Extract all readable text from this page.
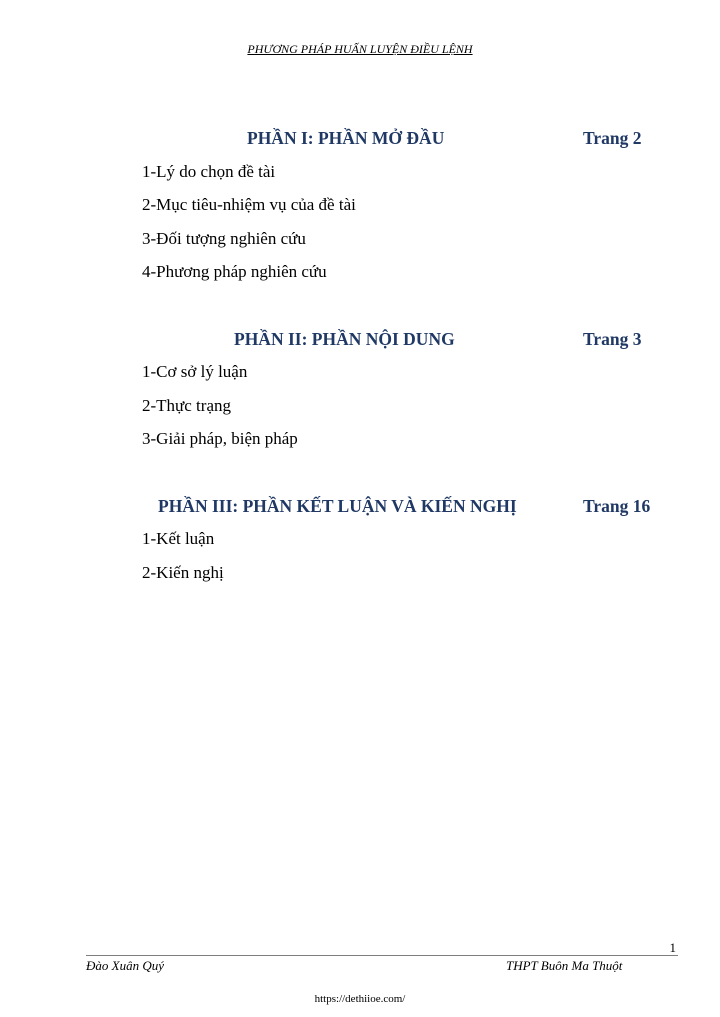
PHƯƠNG PHÁP HUẤN LUYỆN ĐIỀU LỆNH
PHẦN I: PHẦN MỞ ĐẦU	Trang 2
1-Lý do chọn đề tài
2-Mục tiêu-nhiệm vụ của đề tài
3-Đối tượng nghiên cứu
4-Phương pháp nghiên cứu
PHẦN II: PHẦN NỘI DUNG	Trang 3
1-Cơ sở lý luận
2-Thực trạng
3-Giải pháp, biện pháp
PHẦN III: PHẦN KẾT LUẬN VÀ KIẾN NGHỊ	Trang 16
1-Kết luận
2-Kiến nghị
1
Đào Xuân Quý	THPT Buôn Ma Thuột
https://dethiioe.com/
